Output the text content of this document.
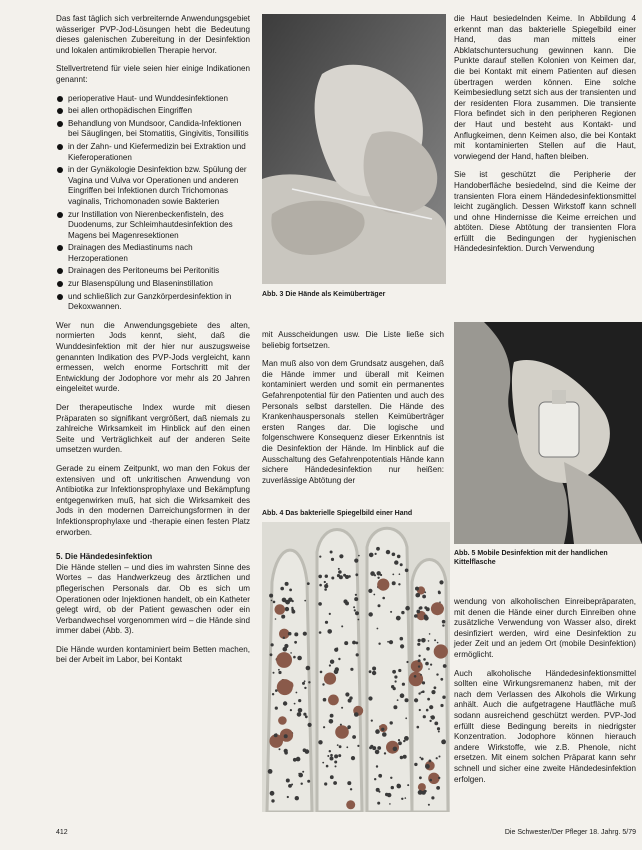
Das fast täglich sich verbreiternde Anwendungsgebiet wässeriger PVP-Jod-Lösungen hebt die Bedeutung dieses galenischen Zubereitung in der Desinfektion und lokalen antimikrobiellen Therapie hervor.

Stellvertretend für viele seien hier einige Indikationen genannt:

perioperative Haut- und Wunddesinfektionen
bei allen orthopädischen Eingriffen
Behandlung von Mundsoor, Candida-Infektionen bei Säuglingen, bei Stomatitis, Gingivitis, Tonsillitis
in der Zahn- und Kiefermedizin bei Extraktion und Kieferoperationen
in der Gynäkologie Desinfektion bzw. Spülung der Vagina und Vulva vor Operationen und anderen Eingriffen bei Infektionen durch Trichomonas vaginalis, Trichomonaden sowie Bakterien
zur Instillation von Nierenbeckenfisteln, des Duodenums, zur Schleimhautdesinfektion des Magens bei Magenresektionen
Drainagen des Mediastinums nach Herzoperationen
Drainagen des Peritoneums bei Peritonitis
zur Blasenspülung und Blaseninstillation
und schließlich zur Ganzkörperdesinfektion in Dekoxwannen.

Wer nun die Anwendungsgebiete des alten, normierten Jods kennt, sieht, daß die Wunddesinfektion mit der hier nur auszugsweise genannten Indikation des PVP-Jods vergleicht, kann ermessen, welch enorme Fortschritt mit der Entwicklung der Jodophore vor mehr als 20 Jahren eingeleitet wurde.

Der therapeutische Index wurde mit diesen Präparaten so signifikant vergrößert, daß niemals zu zahlreiche Wirksamkeit im Hinblick auf den einen Seite und Verträglichkeit auf der anderen Seite umsetzen wurden.

Gerade zu einem Zeitpunkt, wo man den Fokus der extensiven und oft unkritischen Anwendung von Antibiotika zur Infektionsprophylaxe und Bekämpfung entgegenwirken muß, hat sich die Wirksamkeit des Jods in den modernen Darreichungsformen in der Infektionsprophylaxe und -therapie einen festen Platz erworben.

5. Die Händedesinfektion

Die Hände stellen – und dies im wahrsten Sinne des Wortes – das Handwerkzeug des ärztlichen und pflegerischen Personals dar. Ob es sich um Operationen oder Injektionen handelt, ob ein Katheter gelegt wird, ob der Patient gewaschen oder ein Verbandwechsel vorgenommen wird – die Hände sind immer dabei (Abb. 3).

Die Hände wurden kontaminiert beim Betten machen, bei der Arbeit im Labor, bei Kontakt

Abb. 3 Die Hände als Keimüberträger

mit Ausscheidungen usw. Die Liste ließe sich beliebig fortsetzen.

Man muß also von dem Grundsatz ausgehen, daß die Hände immer und überall mit Keimen kontaminiert werden und somit ein permanentes Gefahrenpotential für den Patienten und auch des Personals selbst darstellen. Die Hände des Krankenhauspersonals stellen Keimüberträger ersten Ranges dar. Die logische und folgenschwere Konsequenz dieser Erkenntnis ist die Desinfektion der Hände. Im Hinblick auf die Ausschaltung des Gefahrenpotentials Hände kann sichere Händedesinfektion nur heißen: zuverlässige Abtötung der

Abb. 4 Das bakterielle Spiegelbild einer Hand

die Haut besiedelnden Keime. In Abbildung 4 erkennt man das bakterielle Spiegelbild einer Hand, das man mittels einer Abklatschuntersuchung gewinnen kann. Die Punkte darauf stellen Kolonien von Keimen dar, die bei Kontakt mit einem Patienten auf diesen übertragen werden können. Eine solche Keimbesiedlung setzt sich aus der transienten und der residenten Flora zusammen. Die transiente Flora befindet sich in den peripheren Regionen der Haut und besteht aus Kontakt- und Anflugkeimen, denn Keimen also, die bei Kontakt mit kontaminierten Stellen auf die Haut, vorwiegend der Hand, haften bleiben.

Sie ist geschützt die Peripherie der Handoberfläche besiedelnd, sind die Keime der transienten Flora einem Händedesinfektionsmittel leicht zugänglich. Dessen Wirkstoff kann schnell und ohne Hindernisse die Keime erreichen und abtöten. Diese Abtötung der transienten Flora erfüllt die Bedingungen der hygienischen Händedesinfektion. Durch Verwendung

Abb. 5 Mobile Desinfektion mit der handlichen Kittelflasche

wendung von alkoholischen Einreibepräparaten, mit denen die Hände einer durch Einreiben ohne zusätzliche Verwendung von Wasser also, direkt desinfiziert werden, wird eine Desinfektion zu jeder Zeit und an jedem Ort (mobile Desinfektion) ermöglicht.

Auch alkoholische Händedesinfektionsmittel sollten eine Wirkungsremanenz haben, mit der nach dem Verlassen des Alkohols die Wirkung anhält. Auch die aufgetragene Hautfläche muß sodann ausreichend geschützt werden. PVP-Jod erfüllt diese Bedingung bereits in niedrigster Konzentration. Jodophore können hierauch andere Wirkstoffe, wie z.B. Phenole, nicht ersetzen. Mit einem solchen Präparat kann sehr schnell und sicher eine zweite Händedesinfektion erfolgen.

412	Die Schwester/Der Pfleger 18. Jahrg. 5/79
